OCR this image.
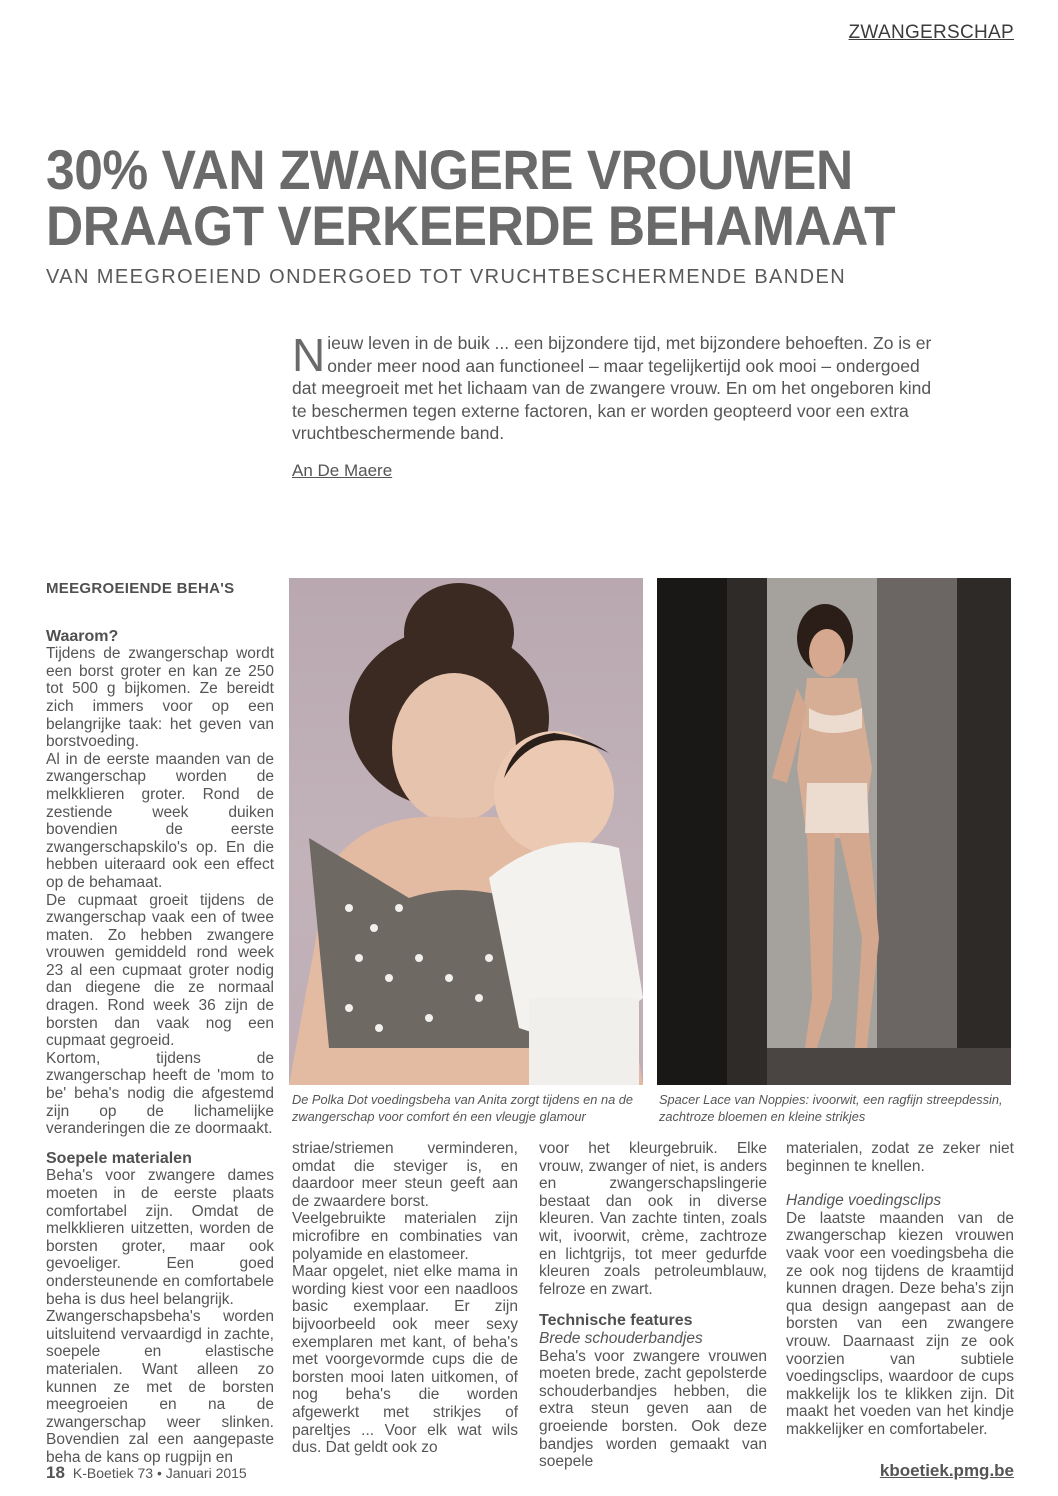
ZWANGERSCHAP
30% VAN ZWANGERE VROUWEN
DRAAGT VERKEERDE BEHAMAAT
VAN MEEGROEIEND ONDERGOED TOT VRUCHTBESCHERMENDE BANDEN
Nieuw leven in de buik ... een bijzondere tijd, met bijzondere behoeften. Zo is er onder meer nood aan functioneel – maar tegelijkertijd ook mooi – ondergoed dat meegroeit met het lichaam van de zwangere vrouw. En om het ongeboren kind te beschermen tegen externe factoren, kan er worden geopteerd voor een extra vruchtbeschermende band.
An De Maere
MEEGROEIENDE BEHA'S
Waarom?

Tijdens de zwangerschap wordt een borst groter en kan ze 250 tot 500 g bijkomen. Ze bereidt zich immers voor op een belangrijke taak: het geven van borstvoeding.

Al in de eerste maanden van de zwangerschap worden de melkklieren groter. Rond de zestiende week duiken bovendien de eerste zwangerschapskilo's op. En die hebben uiteraard ook een effect op de behamaat.

De cupmaat groeit tijdens de zwangerschap vaak een of twee maten. Zo hebben zwangere vrouwen gemiddeld rond week 23 al een cupmaat groter nodig dan diegene die ze normaal dragen. Rond week 36 zijn de borsten dan vaak nog een cupmaat gegroeid.

Kortom, tijdens de zwangerschap heeft de 'mom to be' beha's nodig die afgestemd zijn op de lichamelijke veranderingen die ze doormaakt.

Soepele materialen

Beha's voor zwangere dames moeten in de eerste plaats comfortabel zijn. Omdat de melkklieren uitzetten, worden de borsten groter, maar ook gevoeliger. Een goed ondersteunende en comfortabele beha is dus heel belangrijk.

Zwangerschapsbeha's worden uitsluitend vervaardigd in zachte, soepele en elastische materialen. Want alleen zo kunnen ze met de borsten meegroeien en na de zwangerschap weer slinken. Bovendien zal een aangepaste beha de kans op rugpijn en

De Polka Dot voedingsbeha van Anita zorgt tijdens en na de zwangerschap voor comfort én een vleugje glamour
Spacer Lace van Noppies: ivoorwit, een ragfijn streepdessin, zachtroze bloemen en kleine strikjes

striae/striemen verminderen, omdat die steviger is, en daardoor meer steun geeft aan de zwaardere borst.

Veelgebruikte materialen zijn microfibre en combinaties van polyamide en elastomeer.

Maar opgelet, niet elke mama in wording kiest voor een naadloos basic exemplaar. Er zijn bijvoorbeeld ook meer sexy exemplaren met kant, of beha's met voorgevormde cups die de borsten mooi laten uitkomen, of nog beha's die worden afgewerkt met strikjes of pareltjes ... Voor elk wat wils dus. Dat geldt ook zo

voor het kleurgebruik. Elke vrouw, zwanger of niet, is anders en zwangerschapslingerie bestaat dan ook in diverse kleuren. Van zachte tinten, zoals wit, ivoorwit, crème, zachtroze en lichtgrijs, tot meer gedurfde kleuren zoals petroleumblauw, felroze en zwart.

Technische features
Brede schouderbandjes

Beha's voor zwangere vrouwen moeten brede, zacht gepolsterde schouderbandjes hebben, die extra steun geven aan de groeiende borsten. Ook deze bandjes worden gemaakt van soepele

materialen, zodat ze zeker niet beginnen te knellen.

Handige voedingsclips

De laatste maanden van de zwangerschap kiezen vrouwen vaak voor een voedingsbeha die ze ook nog tijdens de kraamtijd kunnen dragen. Deze beha's zijn qua design aangepast aan de borsten van een zwangere vrouw. Daarnaast zijn ze ook voorzien van subtiele voedingsclips, waardoor de cups makkelijk los te klikken zijn. Dit maakt het voeden van het kindje makkelijker en comfortabeler.

18 K-Boetiek 73 • Januari 2015	kboetiek.pmg.be
